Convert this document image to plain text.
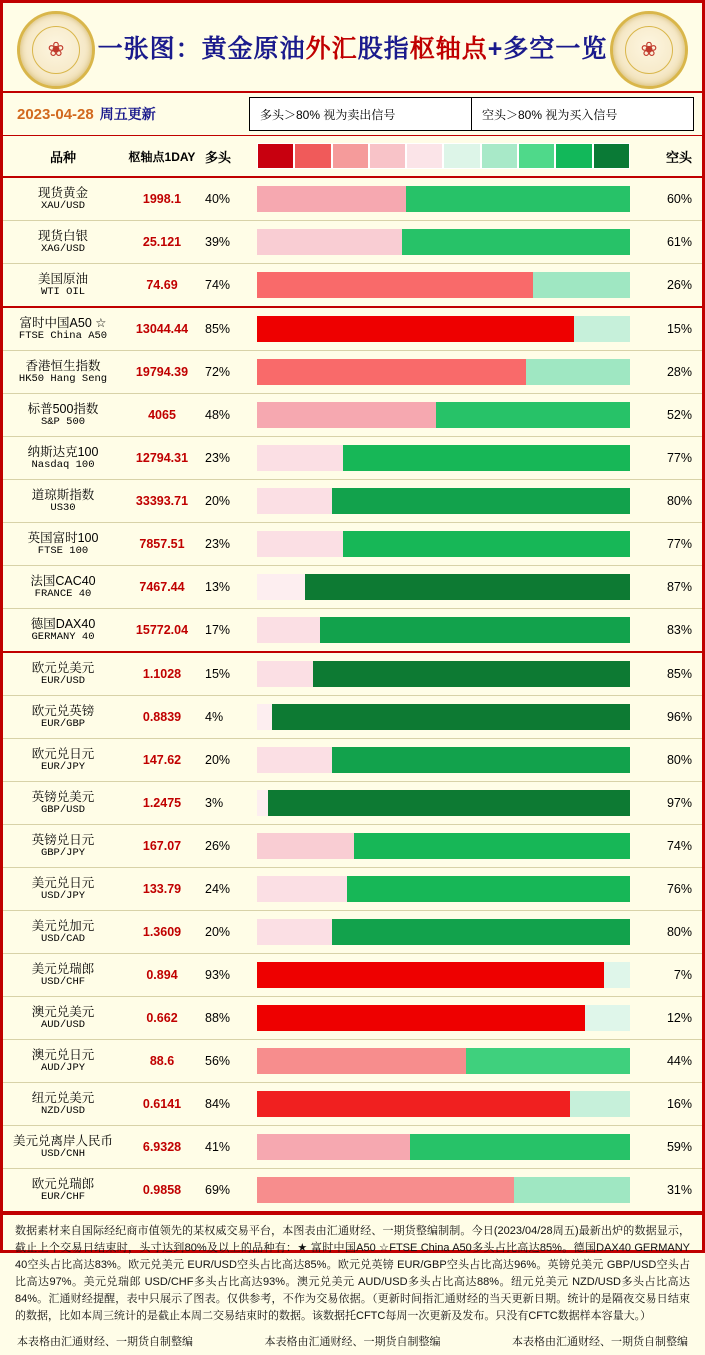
❀	一张图：黄金原油外汇股指枢轴点+多空一览	❀
2023-04-28 周五更新	多头＞80% 视为卖出信号	空头＞80% 视为买入信号
品种	枢轴点1DAY 多头	空头
现货黄金
XAU/USD
1998.1	40%	60%
现货白银
XAG/USD
25.121	39%	61%
美国原油
WTI OIL
74.69	74%	26%
富时中国A50 ☆
FTSE China A50
13044.44	85%	15%
香港恒生指数
HK50 Hang Seng
19794.39	72%	28%
标普500指数
S&P 500
4065	48%	52%
纳斯达克100
Nasdaq 100
12794.31	23%	77%
道琼斯指数
US30
33393.71	20%	80%
英国富时100
FTSE 100
7857.51	23%	77%
法国CAC40
FRANCE 40
7467.44	13%	87%
德国DAX40
GERMANY 40
15772.04	17%	83%
欧元兑美元
EUR/USD
1.1028	15%	85%
欧元兑英镑
EUR/GBP
0.8839	4%	96%
欧元兑日元
EUR/JPY
147.62	20%	80%
英镑兑美元
GBP/USD
1.2475	3%	97%
英镑兑日元
GBP/JPY
167.07	26%	74%
美元兑日元
USD/JPY
133.79	24%	76%
美元兑加元
USD/CAD
1.3609	20%	80%
美元兑瑞郎
USD/CHF
0.894	93%	7%
澳元兑美元
AUD/USD
0.662	88%	12%
澳元兑日元
AUD/JPY
88.6	56%	44%
纽元兑美元
NZD/USD
0.6141	84%	16%
美元兑离岸人民币
USD/CNH
6.9328	41%	59%
欧元兑瑞郎
EUR/CHF
0.9858	69%	31%
数据素材来自国际经纪商市值领先的某权威交易平台，本图表由汇通财经、一期货整编制制。今日(2023/04/28周五)最新出炉的数据显示，截止上个交易日结束时，头寸达到80%及以上的品种有：★ 富时中国A50 ☆FTSE China A50多头占比高达85%。德国DAX40 GERMANY 40空头占比高达83%。欧元兑美元 EUR/USD空头占比高达85%。欧元兑英镑 EUR/GBP空头占比高达96%。英镑兑美元 GBP/USD空头占比高达97%。美元兑瑞郎 USD/CHF多头占比高达93%。澳元兑美元 AUD/USD多头占比高达88%。纽元兑美元 NZD/USD多头占比高达84%。汇通财经提醒，表中只展示了图表。仅供参考，不作为交易依据。（更新时间指汇通财经的当天更新日期。统计的是隔夜交易日结束的数据，比如本周三统计的是截止本周二交易结束时的数据。该数据托CFTC每周一次更新及发布。只没有CFTC数据样本容量大。）
本表格由汇通财经、一期货自制整编	本表格由汇通财经、一期货自制整编	本表格由汇通财经、一期货自制整编
